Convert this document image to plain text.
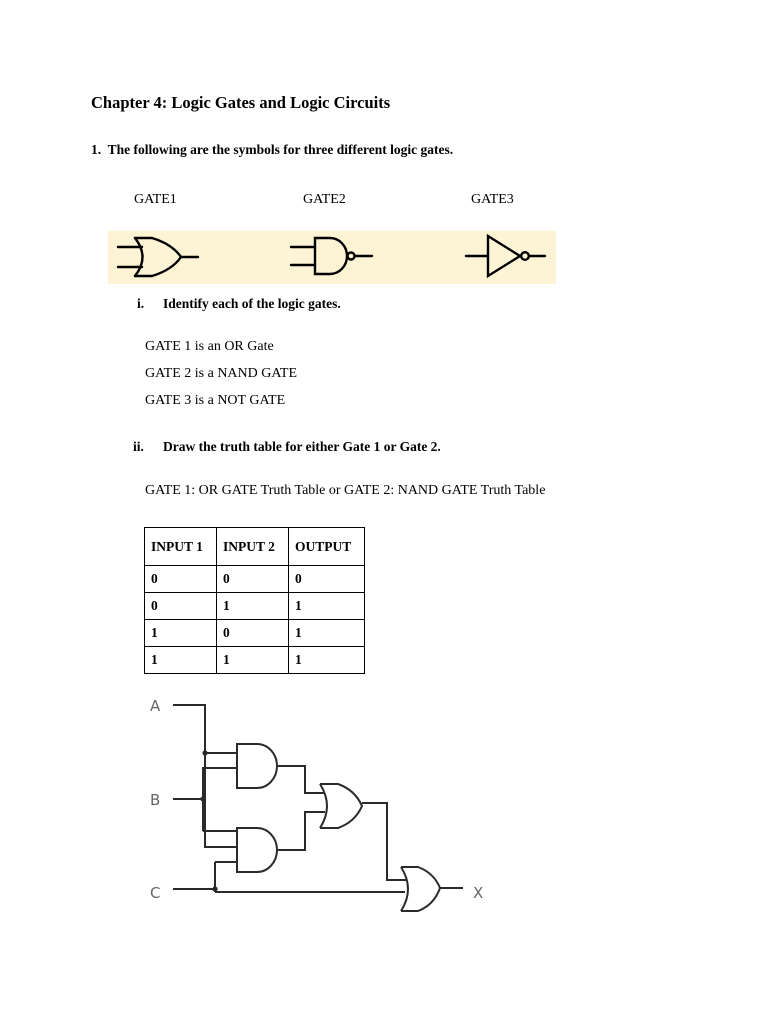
Chapter 4: Logic Gates and Logic Circuits
1. The following are the symbols for three different logic gates.
GATE1	GATE2	GATE3
i. Identify each of the logic gates.
GATE 1 is an OR Gate
GATE 2 is a NAND GATE
GATE 3 is a NOT GATE
ii. Draw the truth table for either Gate 1 or Gate 2.
GATE 1: OR GATE Truth Table or GATE 2: NAND GATE Truth Table
INPUT 1	INPUT 2	OUTPUT
0	0	0
0	1	1
1	0	1
1	1	1
A
B
C	X
